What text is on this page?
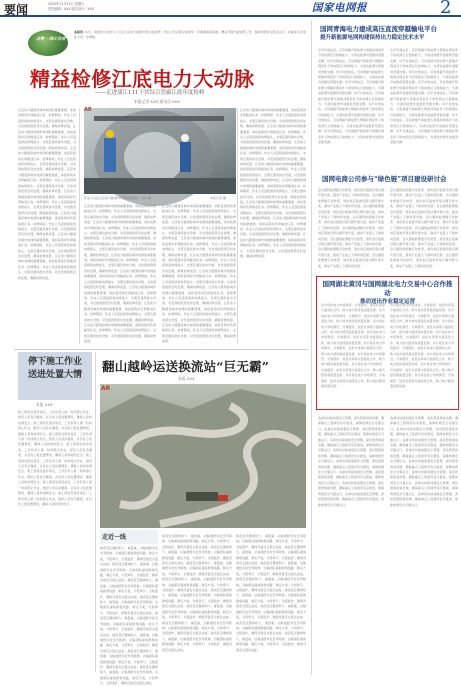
要闻	2020年11月21日 星期六
责任编辑：XXX 版式设计：XXX	国家电网报	2
点赞 一线工作者
本报讯 11月，国网四川省电力公司对江底电力隧道开展全面检修，作业人员克服空间狭窄、环境潮湿等困难，精益开展设备检修工作，保障电网安全稳定运行，迎峰度冬供电能力进一步增强。
精益检修江底电力大动脉
——走进蒲江111千伏综合管廊江底年度检修
本报记者 XXX 通讯员 XXX
江底电力隧道是城市电网的重要通道，承担着两岸负荷输送任务。检修期间，作业人员逐段排查电缆接头、支架及通风排水设施，对发现的隐患及时处理，确保检修质量。江底电力隧道是城市电网的重要通道，承担着两岸负荷输送任务。检修期间，作业人员逐段排查电缆接头、支架及通风排水设施，对发现的隐患及时处理，确保检修质量。江底电力隧道是城市电网的重要通道，承担着两岸负荷输送任务。检修期间，作业人员逐段排查电缆接头、支架及通风排水设施，对发现的隐患及时处理，确保检修质量。江底电力隧道是城市电网的重要通道，承担着两岸负荷输送任务。检修期间，作业人员逐段排查电缆接头、支架及通风排水设施，对发现的隐患及时处理，确保检修质量。江底电力隧道是城市电网的重要通道，承担着两岸负荷输送任务。检修期间，作业人员逐段排查电缆接头、支架及通风排水设施，对发现的隐患及时处理，确保检修质量。江底电力隧道是城市电网的重要通道，承担着两岸负荷输送任务。检修期间，作业人员逐段排查电缆接头、支架及通风排水设施，对发现的隐患及时处理，确保检修质量。江底电力隧道是城市电网的重要通道，承担着两岸负荷输送任务。检修期间，作业人员逐段排查电缆接头、支架及通风排水设施，对发现的隐患及时处理，确保检修质量。江底电力隧道是城市电网的重要通道，承担着两岸负荷输送任务。检修期间，作业人员逐段排查电缆接头、支架及通风排水设施，对发现的隐患及时处理，确保检修质量。
AR
作业人员在江底电力隧道内开展设备巡检。XXX 摄	本报记者 摄
江底电力隧道是城市电网的重要通道，承担着两岸负荷输送任务。检修期间，作业人员逐段排查电缆接头、支架及通风排水设施，对发现的隐患及时处理，确保检修质量。江底电力隧道是城市电网的重要通道，承担着两岸负荷输送任务。检修期间，作业人员逐段排查电缆接头、支架及通风排水设施，对发现的隐患及时处理，确保检修质量。江底电力隧道是城市电网的重要通道，承担着两岸负荷输送任务。检修期间，作业人员逐段排查电缆接头、支架及通风排水设施，对发现的隐患及时处理，确保检修质量。江底电力隧道是城市电网的重要通道，承担着两岸负荷输送任务。检修期间，作业人员逐段排查电缆接头、支架及通风排水设施，对发现的隐患及时处理，确保检修质量。江底电力隧道是城市电网的重要通道，承担着两岸负荷输送任务。检修期间，作业人员逐段排查电缆接头、支架及通风排水设施，对发现的隐患及时处理，确保检修质量。江底电力隧道是城市电网的重要通道，承担着两岸负荷输送任务。检修期间，作业人员逐段排查电缆接头、支架及通风排水设施，对发现的隐患及时处理，确保检修质量。江底电力隧道是城市电网的重要通道，承担着两岸负荷输送任务。检修期间，作业人员逐段排查电缆接头、支架及通风排水设施，对发现的隐患及时处理，确保检修质量。江底电力隧道是城市电网的重要通道，承担着两岸负荷输送任务。检修期间，作业人员逐段排查电缆接头、支架及通风排水设施，对发现的隐患及时处理，确保检修质量。
江底电力隧道是城市电网的重要通道，承担着两岸负荷输送任务。检修期间，作业人员逐段排查电缆接头、支架及通风排水设施，对发现的隐患及时处理，确保检修质量。江底电力隧道是城市电网的重要通道，承担着两岸负荷输送任务。检修期间，作业人员逐段排查电缆接头、支架及通风排水设施，对发现的隐患及时处理，确保检修质量。江底电力隧道是城市电网的重要通道，承担着两岸负荷输送任务。检修期间，作业人员逐段排查电缆接头、支架及通风排水设施，对发现的隐患及时处理，确保检修质量。江底电力隧道是城市电网的重要通道，承担着两岸负荷输送任务。检修期间，作业人员逐段排查电缆接头、支架及通风排水设施，对发现的隐患及时处理，确保检修质量。江底电力隧道是城市电网的重要通道，承担着两岸负荷输送任务。检修期间，作业人员逐段排查电缆接头、支架及通风排水设施，对发现的隐患及时处理，确保检修质量。江底电力隧道是城市电网的重要通道，承担着两岸负荷输送任务。检修期间，作业人员逐段排查电缆接头、支架及通风排水设施，对发现的隐患及时处理，确保检修质量。江底电力隧道是城市电网的重要通道，承担着两岸负荷输送任务。检修期间，作业人员逐段排查电缆接头、支架及通风排水设施，对发现的隐患及时处理，确保检修质量。江底电力隧道是城市电网的重要通道，承担着两岸负荷输送任务。检修期间，作业人员逐段排查电缆接头、支架及通风排水设施，对发现的隐患及时处理，确保检修质量。
江底电力隧道是城市电网的重要通道，承担着两岸负荷输送任务。检修期间，作业人员逐段排查电缆接头、支架及通风排水设施，对发现的隐患及时处理，确保检修质量。江底电力隧道是城市电网的重要通道，承担着两岸负荷输送任务。检修期间，作业人员逐段排查电缆接头、支架及通风排水设施，对发现的隐患及时处理，确保检修质量。江底电力隧道是城市电网的重要通道，承担着两岸负荷输送任务。检修期间，作业人员逐段排查电缆接头、支架及通风排水设施，对发现的隐患及时处理，确保检修质量。江底电力隧道是城市电网的重要通道，承担着两岸负荷输送任务。检修期间，作业人员逐段排查电缆接头、支架及通风排水设施，对发现的隐患及时处理，确保检修质量。江底电力隧道是城市电网的重要通道，承担着两岸负荷输送任务。检修期间，作业人员逐段排查电缆接头、支架及通风排水设施，对发现的隐患及时处理，确保检修质量。江底电力隧道是城市电网的重要通道，承担着两岸负荷输送任务。检修期间，作业人员逐段排查电缆接头、支架及通风排水设施，对发现的隐患及时处理，确保检修质量。江底电力隧道是城市电网的重要通道，承担着两岸负荷输送任务。检修期间，作业人员逐段排查电缆接头、支架及通风排水设施，对发现的隐患及时处理，确保检修质量。江底电力隧道是城市电网的重要通道，承担着两岸负荷输送任务。检修期间，作业人员逐段排查电缆接头、支架及通风排水设施，对发现的隐患及时处理，确保检修质量。
停下施工作业
送进处置大情
本报 XXX
施工现场发现异常后，工作负责人第一时间停止作业，组织人员有序撤离，并及时上报处置情况，确保人身和电网安全。施工现场发现异常后，工作负责人第一时间停止作业，组织人员有序撤离，并及时上报处置情况，确保人身和电网安全。施工现场发现异常后，工作负责人第一时间停止作业，组织人员有序撤离，并及时上报处置情况，确保人身和电网安全。施工现场发现异常后，工作负责人第一时间停止作业，组织人员有序撤离，并及时上报处置情况，确保人身和电网安全。施工现场发现异常后，工作负责人第一时间停止作业，组织人员有序撤离，并及时上报处置情况，确保人身和电网安全。施工现场发现异常后，工作负责人第一时间停止作业，组织人员有序撤离，并及时上报处置情况，确保人身和电网安全。施工现场发现异常后，工作负责人第一时间停止作业，组织人员有序撤离，并及时上报处置情况，确保人身和电网安全。施工现场发现异常后，工作负责人第一时间停止作业，组织人员有序撤离，并及时上报处置情况，确保人身和电网安全。
翻山越岭运送换流站“巨无霸”
本报 XXX
AR
走近一线
换流变压器体积大、重量重，运输途经多处急弯陡坡。运输团队提前勘察线路、制定方案，分段牵引、全程监护，确保设备安全抵达站址。换流变压器体积大、重量重，运输途经多处急弯陡坡。运输团队提前勘察线路、制定方案，分段牵引、全程监护，确保设备安全抵达站址。换流变压器体积大、重量重，运输途经多处急弯陡坡。运输团队提前勘察线路、制定方案，分段牵引、全程监护，确保设备安全抵达站址。换流变压器体积大、重量重，运输途经多处急弯陡坡。运输团队提前勘察线路、制定方案，分段牵引、全程监护，确保设备安全抵达站址。换流变压器体积大、重量重，运输途经多处急弯陡坡。运输团队提前勘察线路、制定方案，分段牵引、全程监护，确保设备安全抵达站址。换流变压器体积大、重量重，运输途经多处急弯陡坡。运输团队提前勘察线路、制定方案，分段牵引、全程监护，确保设备安全抵达站址。换流变压器体积大、重量重，运输途经多处急弯陡坡。运输团队提前勘察线路、制定方案，分段牵引、全程监护，确保设备安全抵达站址。换流变压器体积大、重量重，运输途经多处急弯陡坡。运输团队提前勘察线路、制定方案，分段牵引、全程监护，确保设备安全抵达站址。
换流变压器体积大、重量重，运输途经多处急弯陡坡。运输团队提前勘察线路、制定方案，分段牵引、全程监护，确保设备安全抵达站址。换流变压器体积大、重量重，运输途经多处急弯陡坡。运输团队提前勘察线路、制定方案，分段牵引、全程监护，确保设备安全抵达站址。换流变压器体积大、重量重，运输途经多处急弯陡坡。运输团队提前勘察线路、制定方案，分段牵引、全程监护，确保设备安全抵达站址。换流变压器体积大、重量重，运输途经多处急弯陡坡。运输团队提前勘察线路、制定方案，分段牵引、全程监护，确保设备安全抵达站址。换流变压器体积大、重量重，运输途经多处急弯陡坡。运输团队提前勘察线路、制定方案，分段牵引、全程监护，确保设备安全抵达站址。换流变压器体积大、重量重，运输途经多处急弯陡坡。运输团队提前勘察线路、制定方案，分段牵引、全程监护，确保设备安全抵达站址。换流变压器体积大、重量重，运输途经多处急弯陡坡。运输团队提前勘察线路、制定方案，分段牵引、全程监护，确保设备安全抵达站址。换流变压器体积大、重量重，运输途经多处急弯陡坡。运输团队提前勘察线路、制定方案，分段牵引、全程监护，确保设备安全抵达站址。
换流变压器体积大、重量重，运输途经多处急弯陡坡。运输团队提前勘察线路、制定方案，分段牵引、全程监护，确保设备安全抵达站址。换流变压器体积大、重量重，运输途经多处急弯陡坡。运输团队提前勘察线路、制定方案，分段牵引、全程监护，确保设备安全抵达站址。换流变压器体积大、重量重，运输途经多处急弯陡坡。运输团队提前勘察线路、制定方案，分段牵引、全程监护，确保设备安全抵达站址。换流变压器体积大、重量重，运输途经多处急弯陡坡。运输团队提前勘察线路、制定方案，分段牵引、全程监护，确保设备安全抵达站址。换流变压器体积大、重量重，运输途经多处急弯陡坡。运输团队提前勘察线路、制定方案，分段牵引、全程监护，确保设备安全抵达站址。换流变压器体积大、重量重，运输途经多处急弯陡坡。运输团队提前勘察线路、制定方案，分段牵引、全程监护，确保设备安全抵达站址。换流变压器体积大、重量重，运输途经多处急弯陡坡。运输团队提前勘察线路、制定方案，分段牵引、全程监护，确保设备安全抵达站址。换流变压器体积大、重量重，运输途经多处急弯陡坡。运输团队提前勘察线路、制定方案，分段牵引、全程监护，确保设备安全抵达站址。
国网青海电力建成高压直流穿越输电平台
提升新能源电网构建保持出力稳定技术水平
该平台建成后，可有效提升新能源大规模并网条件下的电网运行控制能力，为清洁能源外送提供坚强支撑。该平台建成后，可有效提升新能源大规模并网条件下的电网运行控制能力，为清洁能源外送提供坚强支撑。该平台建成后，可有效提升新能源大规模并网条件下的电网运行控制能力，为清洁能源外送提供坚强支撑。该平台建成后，可有效提升新能源大规模并网条件下的电网运行控制能力，为清洁能源外送提供坚强支撑。该平台建成后，可有效提升新能源大规模并网条件下的电网运行控制能力，为清洁能源外送提供坚强支撑。该平台建成后，可有效提升新能源大规模并网条件下的电网运行控制能力，为清洁能源外送提供坚强支撑。该平台建成后，可有效提升新能源大规模并网条件下的电网运行控制能力，为清洁能源外送提供坚强支撑。该平台建成后，可有效提升新能源大规模并网条件下的电网运行控制能力，为清洁能源外送提供坚强支撑。
该平台建成后，可有效提升新能源大规模并网条件下的电网运行控制能力，为清洁能源外送提供坚强支撑。该平台建成后，可有效提升新能源大规模并网条件下的电网运行控制能力，为清洁能源外送提供坚强支撑。该平台建成后，可有效提升新能源大规模并网条件下的电网运行控制能力，为清洁能源外送提供坚强支撑。该平台建成后，可有效提升新能源大规模并网条件下的电网运行控制能力，为清洁能源外送提供坚强支撑。该平台建成后，可有效提升新能源大规模并网条件下的电网运行控制能力，为清洁能源外送提供坚强支撑。该平台建成后，可有效提升新能源大规模并网条件下的电网运行控制能力，为清洁能源外送提供坚强支撑。该平台建成后，可有效提升新能源大规模并网条件下的电网运行控制能力，为清洁能源外送提供坚强支撑。该平台建成后，可有效提升新能源大规模并网条件下的电网运行控制能力，为清洁能源外送提供坚强支撑。
国网电商公司参与“绿色链”项目建设研讨会
会议围绕能源数字化转型、绿色供应链建设等议题开展交流，推动产业链上下游协同发展。会议围绕能源数字化转型、绿色供应链建设等议题开展交流，推动产业链上下游协同发展。会议围绕能源数字化转型、绿色供应链建设等议题开展交流，推动产业链上下游协同发展。会议围绕能源数字化转型、绿色供应链建设等议题开展交流，推动产业链上下游协同发展。会议围绕能源数字化转型、绿色供应链建设等议题开展交流，推动产业链上下游协同发展。会议围绕能源数字化转型、绿色供应链建设等议题开展交流，推动产业链上下游协同发展。会议围绕能源数字化转型、绿色供应链建设等议题开展交流，推动产业链上下游协同发展。会议围绕能源数字化转型、绿色供应链建设等议题开展交流，推动产业链上下游协同发展。
会议围绕能源数字化转型、绿色供应链建设等议题开展交流，推动产业链上下游协同发展。会议围绕能源数字化转型、绿色供应链建设等议题开展交流，推动产业链上下游协同发展。会议围绕能源数字化转型、绿色供应链建设等议题开展交流，推动产业链上下游协同发展。会议围绕能源数字化转型、绿色供应链建设等议题开展交流，推动产业链上下游协同发展。会议围绕能源数字化转型、绿色供应链建设等议题开展交流，推动产业链上下游协同发展。会议围绕能源数字化转型、绿色供应链建设等议题开展交流，推动产业链上下游协同发展。会议围绕能源数字化转型、绿色供应链建设等议题开展交流，推动产业链上下游协同发展。会议围绕能源数字化转型、绿色供应链建设等议题开展交流，推动产业链上下游协同发展。
国网湖北黄冈与国网湖北电力交易中心合作推动
推动送出作业稳定运营
双方将在电力市场建设、交易组织、信息共享等方面深化合作，助力地方经济高质量发展。双方将在电力市场建设、交易组织、信息共享等方面深化合作，助力地方经济高质量发展。双方将在电力市场建设、交易组织、信息共享等方面深化合作，助力地方经济高质量发展。双方将在电力市场建设、交易组织、信息共享等方面深化合作，助力地方经济高质量发展。双方将在电力市场建设、交易组织、信息共享等方面深化合作，助力地方经济高质量发展。双方将在电力市场建设、交易组织、信息共享等方面深化合作，助力地方经济高质量发展。双方将在电力市场建设、交易组织、信息共享等方面深化合作，助力地方经济高质量发展。双方将在电力市场建设、交易组织、信息共享等方面深化合作，助力地方经济高质量发展。
双方将在电力市场建设、交易组织、信息共享等方面深化合作，助力地方经济高质量发展。双方将在电力市场建设、交易组织、信息共享等方面深化合作，助力地方经济高质量发展。双方将在电力市场建设、交易组织、信息共享等方面深化合作，助力地方经济高质量发展。双方将在电力市场建设、交易组织、信息共享等方面深化合作，助力地方经济高质量发展。双方将在电力市场建设、交易组织、信息共享等方面深化合作，助力地方经济高质量发展。双方将在电力市场建设、交易组织、信息共享等方面深化合作，助力地方经济高质量发展。双方将在电力市场建设、交易组织、信息共享等方面深化合作，助力地方经济高质量发展。双方将在电力市场建设、交易组织、信息共享等方面深化合作，助力地方经济高质量发展。
各单位持续加强安全管理，深化隐患排查治理，确保重点工程建设有序推进，保障电网安全可靠运行。各单位持续加强安全管理，深化隐患排查治理，确保重点工程建设有序推进，保障电网安全可靠运行。各单位持续加强安全管理，深化隐患排查治理，确保重点工程建设有序推进，保障电网安全可靠运行。各单位持续加强安全管理，深化隐患排查治理，确保重点工程建设有序推进，保障电网安全可靠运行。各单位持续加强安全管理，深化隐患排查治理，确保重点工程建设有序推进，保障电网安全可靠运行。各单位持续加强安全管理，深化隐患排查治理，确保重点工程建设有序推进，保障电网安全可靠运行。各单位持续加强安全管理，深化隐患排查治理，确保重点工程建设有序推进，保障电网安全可靠运行。各单位持续加强安全管理，深化隐患排查治理，确保重点工程建设有序推进，保障电网安全可靠运行。
各单位持续加强安全管理，深化隐患排查治理，确保重点工程建设有序推进，保障电网安全可靠运行。各单位持续加强安全管理，深化隐患排查治理，确保重点工程建设有序推进，保障电网安全可靠运行。各单位持续加强安全管理，深化隐患排查治理，确保重点工程建设有序推进，保障电网安全可靠运行。各单位持续加强安全管理，深化隐患排查治理，确保重点工程建设有序推进，保障电网安全可靠运行。各单位持续加强安全管理，深化隐患排查治理，确保重点工程建设有序推进，保障电网安全可靠运行。各单位持续加强安全管理，深化隐患排查治理，确保重点工程建设有序推进，保障电网安全可靠运行。各单位持续加强安全管理，深化隐患排查治理，确保重点工程建设有序推进，保障电网安全可靠运行。各单位持续加强安全管理，深化隐患排查治理，确保重点工程建设有序推进，保障电网安全可靠运行。
